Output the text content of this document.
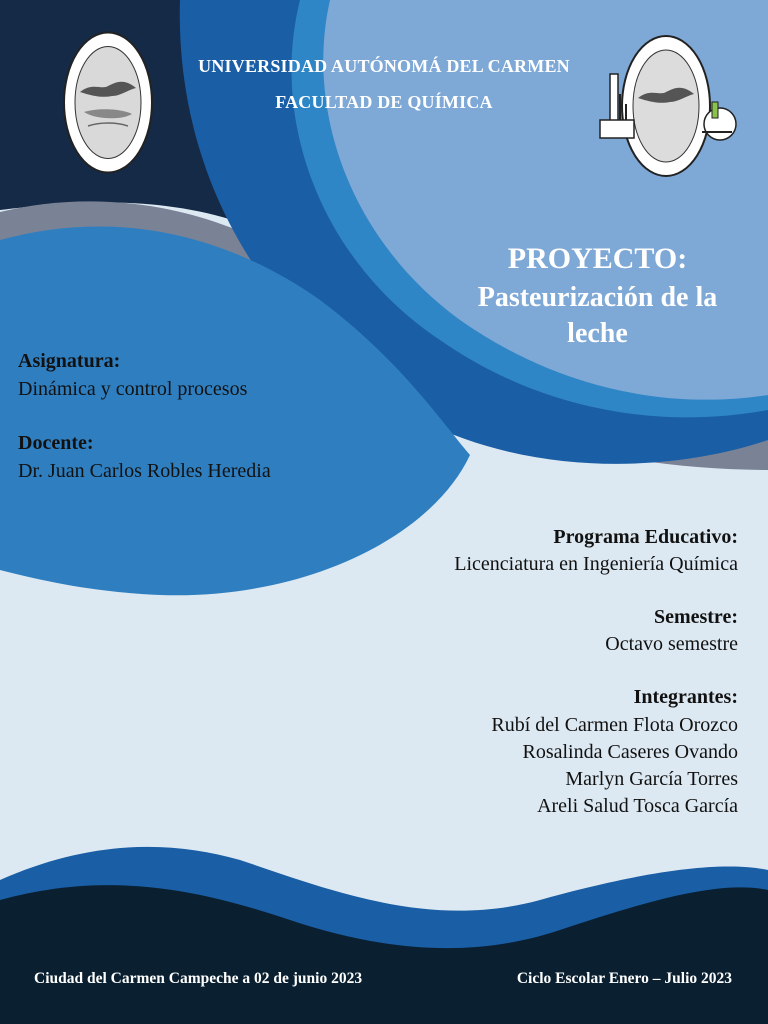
UNIVERSIDAD AUTÓNOMÁ DEL CARMEN

FACULTAD DE QUÍMICA

PROYECTO:

Pasteurización de la

leche

Asignatura:

Dinámica y control procesos

Docente:

Dr. Juan Carlos Robles Heredia

Programa Educativo:

Licenciatura en Ingeniería Química

Semestre:

Octavo semestre

Integrantes:

Rubí del Carmen Flota Orozco

Rosalinda Caseres Ovando

Marlyn García Torres

Areli Salud Tosca García

Ciudad del Carmen Campeche a 02 de junio 2023	Ciclo Escolar Enero – Julio 2023
